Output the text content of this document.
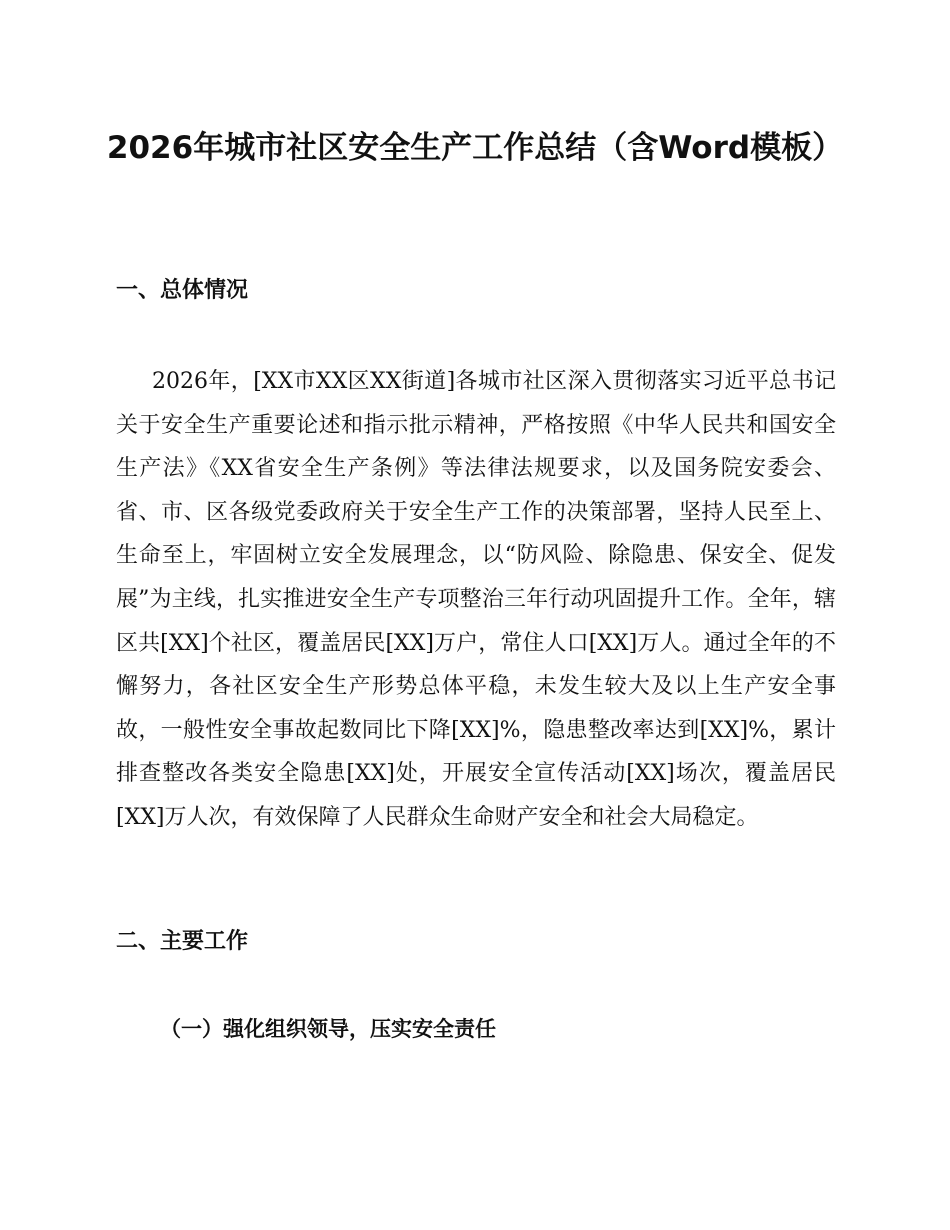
2026年城市社区安全生产工作总结（含Word模板）
一、总体情况

2026年，[XX市XX区XX街道]各城市社区深入贯彻落实习近平总书记关于安全生产重要论述和指示批示精神，严格按照《中华人民共和国安全生产法》《XX省安全生产条例》等法律法规要求，以及国务院安委会、省、市、区各级党委政府关于安全生产工作的决策部署，坚持人民至上、生命至上，牢固树立安全发展理念，以“防风险、除隐患、保安全、促发展”为主线，扎实推进安全生产专项整治三年行动巩固提升工作。全年，辖区共[XX]个社区，覆盖居民[XX]万户，常住人口[XX]万人。通过全年的不懈努力，各社区安全生产形势总体平稳，未发生较大及以上生产安全事故，一般性安全事故起数同比下降[XX]%，隐患整改率达到[XX]%，累计排查整改各类安全隐患[XX]处，开展安全宣传活动[XX]场次，覆盖居民[XX]万人次，有效保障了人民群众生命财产安全和社会大局稳定。

二、主要工作
（一）强化组织领导，压实安全责任
